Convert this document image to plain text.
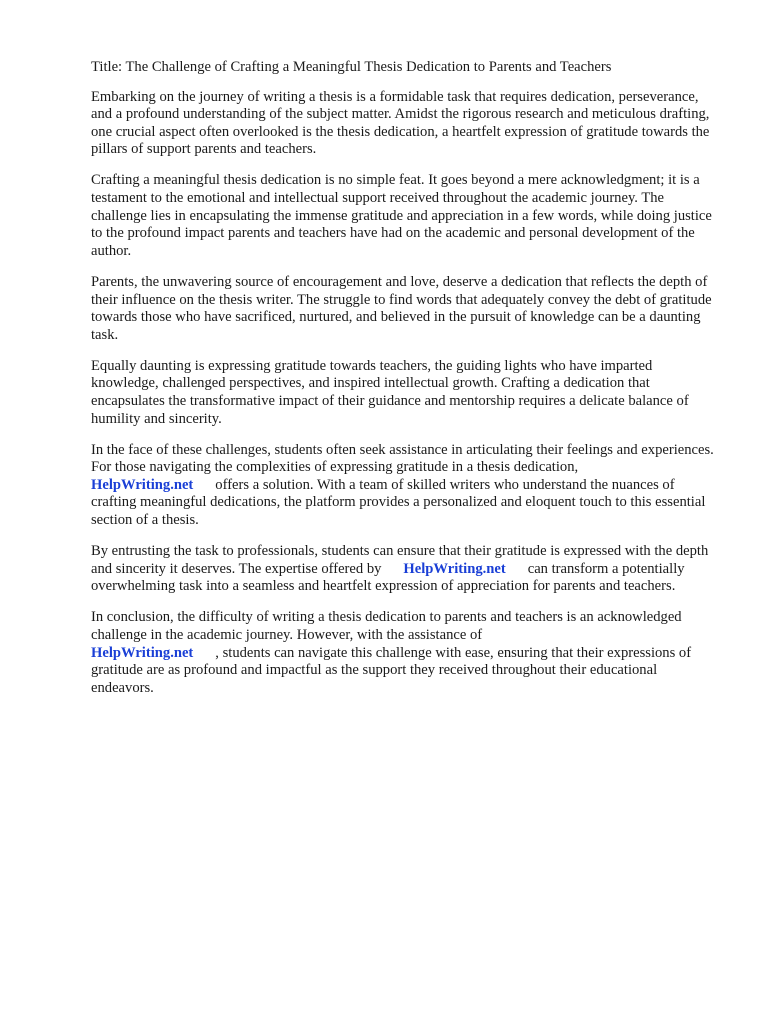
Title: The Challenge of Crafting a Meaningful Thesis Dedication to Parents and Teachers

Embarking on the journey of writing a thesis is a formidable task that requires dedication, perseverance, and a profound understanding of the subject matter. Amidst the rigorous research and meticulous drafting, one crucial aspect often overlooked is the thesis dedication, a heartfelt expression of gratitude towards the pillars of support parents and teachers.

Crafting a meaningful thesis dedication is no simple feat. It goes beyond a mere acknowledgment; it is a testament to the emotional and intellectual support received throughout the academic journey. The challenge lies in encapsulating the immense gratitude and appreciation in a few words, while doing justice to the profound impact parents and teachers have had on the academic and personal development of the author.

Parents, the unwavering source of encouragement and love, deserve a dedication that reflects the depth of their influence on the thesis writer. The struggle to find words that adequately convey the debt of gratitude towards those who have sacrificed, nurtured, and believed in the pursuit of knowledge can be a daunting task.

Equally daunting is expressing gratitude towards teachers, the guiding lights who have imparted knowledge, challenged perspectives, and inspired intellectual growth. Crafting a dedication that encapsulates the transformative impact of their guidance and mentorship requires a delicate balance of humility and sincerity.

In the face of these challenges, students often seek assistance in articulating their feelings and experiences. For those navigating the complexities of expressing gratitude in a thesis dedication,
HelpWriting.net offers a solution. With a team of skilled writers who understand the nuances of crafting meaningful dedications, the platform provides a personalized and eloquent touch to this essential section of a thesis.

By entrusting the task to professionals, students can ensure that their gratitude is expressed with the depth and sincerity it deserves. The expertise offered by HelpWriting.net can transform a potentially overwhelming task into a seamless and heartfelt expression of appreciation for parents and teachers.

In conclusion, the difficulty of writing a thesis dedication to parents and teachers is an acknowledged challenge in the academic journey. However, with the assistance of
HelpWriting.net , students can navigate this challenge with ease, ensuring that their expressions of gratitude are as profound and impactful as the support they received throughout their educational endeavors.
